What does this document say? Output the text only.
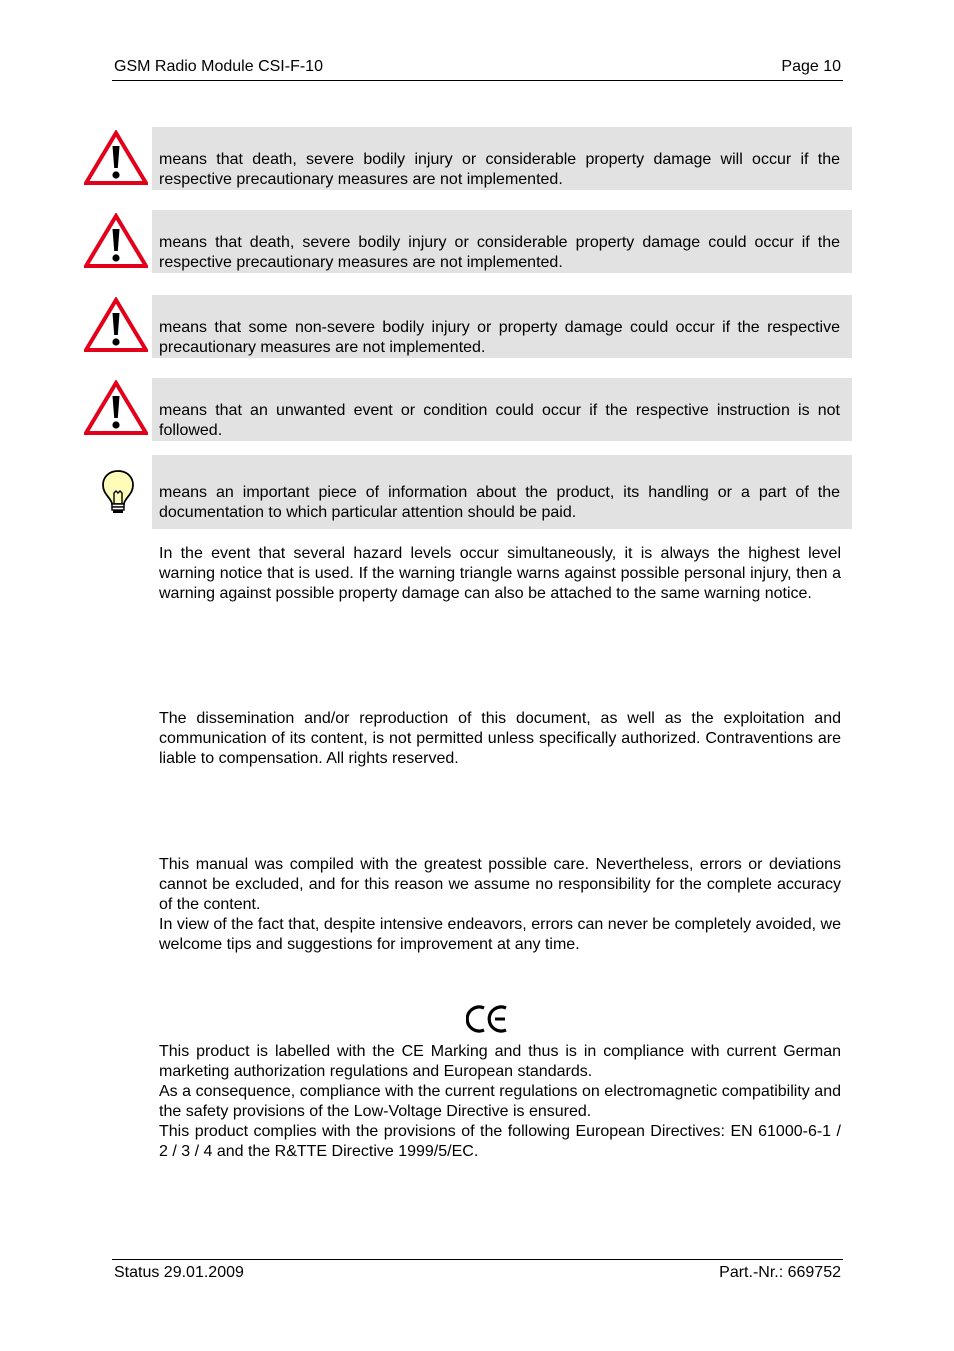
GSM Radio Module CSI-F-10	Page 10
means that death, severe bodily injury or considerable property damage will occur if the respective precautionary measures are not implemented.
means that death, severe bodily injury or considerable property damage could occur if the respective precautionary measures are not implemented.
means that some non-severe bodily injury or property damage could occur if the respective precautionary measures are not implemented.
means that an unwanted event or condition could occur if the respective instruction is not followed.
means an important piece of information about the product, its handling or a part of the documentation to which particular attention should be paid.

In the event that several hazard levels occur simultaneously, it is always the highest level warning notice that is used. If the warning triangle warns against possible personal injury, then a warning against possible property damage can also be attached to the same warning notice.

The dissemination and/or reproduction of this document, as well as the exploitation and communication of its content, is not permitted unless specifically authorized. Contraventions are liable to compensation. All rights reserved.

This manual was compiled with the greatest possible care. Nevertheless, errors or deviations cannot be excluded, and for this reason we assume no responsibility for the complete accuracy of the content.

In view of the fact that, despite intensive endeavors, errors can never be completely avoided, we welcome tips and suggestions for improvement at any time.

This product is labelled with the CE Marking and thus is in compliance with current German marketing authorization regulations and European standards.

As a consequence, compliance with the current regulations on electromagnetic compatibility and the safety provisions of the Low-Voltage Directive is ensured.

This product complies with the provisions of the following European Directives: EN 61000-6-1 / 2 / 3 / 4 and the R&TTE Directive 1999/5/EC.

Status 29.01.2009	Part.-Nr.: 669752
